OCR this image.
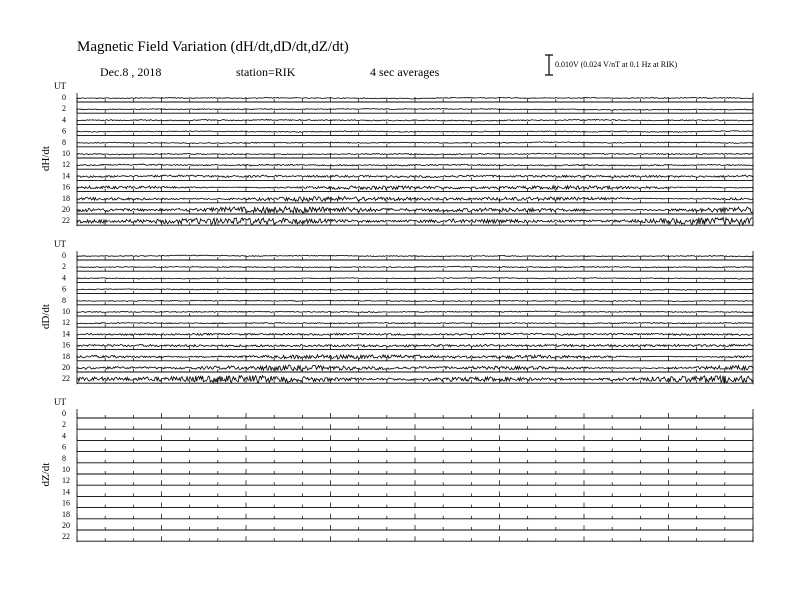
Magnetic Field Variation (dH/dt,dD/dt,dZ/dt)
Dec.8 , 2018	station=RIK	4 sec averages
0.010V (0.024 V/nT at 0.1 Hz at RIK)
UT
dH/dt
0
2
4
6
8
10
12
14
16
18
20
22
UT
dD/dt
0
2
4
6
8
10
12
14
16
18
20
22
UT
dZ/dt
0
2
4
6
8
10
12
14
16
18
20
22
